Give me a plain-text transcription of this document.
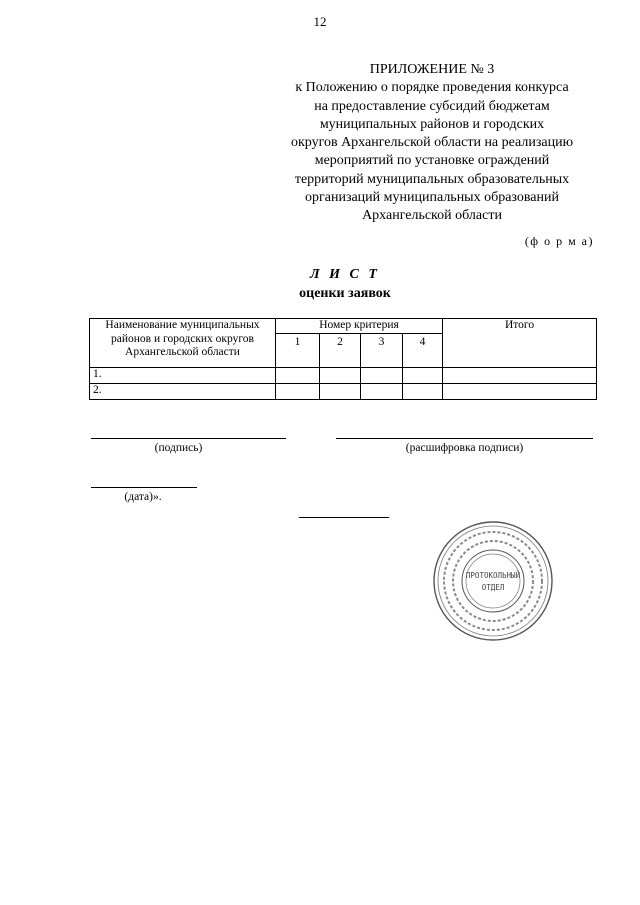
12
ПРИЛОЖЕНИЕ № 3
к Положению о порядке проведения конкурса
на предоставление субсидий бюджетам
муниципальных районов и городских
округов Архангельской области на реализацию
мероприятий по установке ограждений
территорий муниципальных образовательных
организаций муниципальных образований
Архангельской области
(ф о р м а)
Л И С Т
оценки заявок
Наименование муниципальных районов и городских округов Архангельской области	Номер критерия				Итого
	1	2	3	4	
1.					
2.					
(подпись)	(расшифровка подписи)
(дата)».
ПРОТОКОЛЬНЫЙ
ОТДЕЛ
